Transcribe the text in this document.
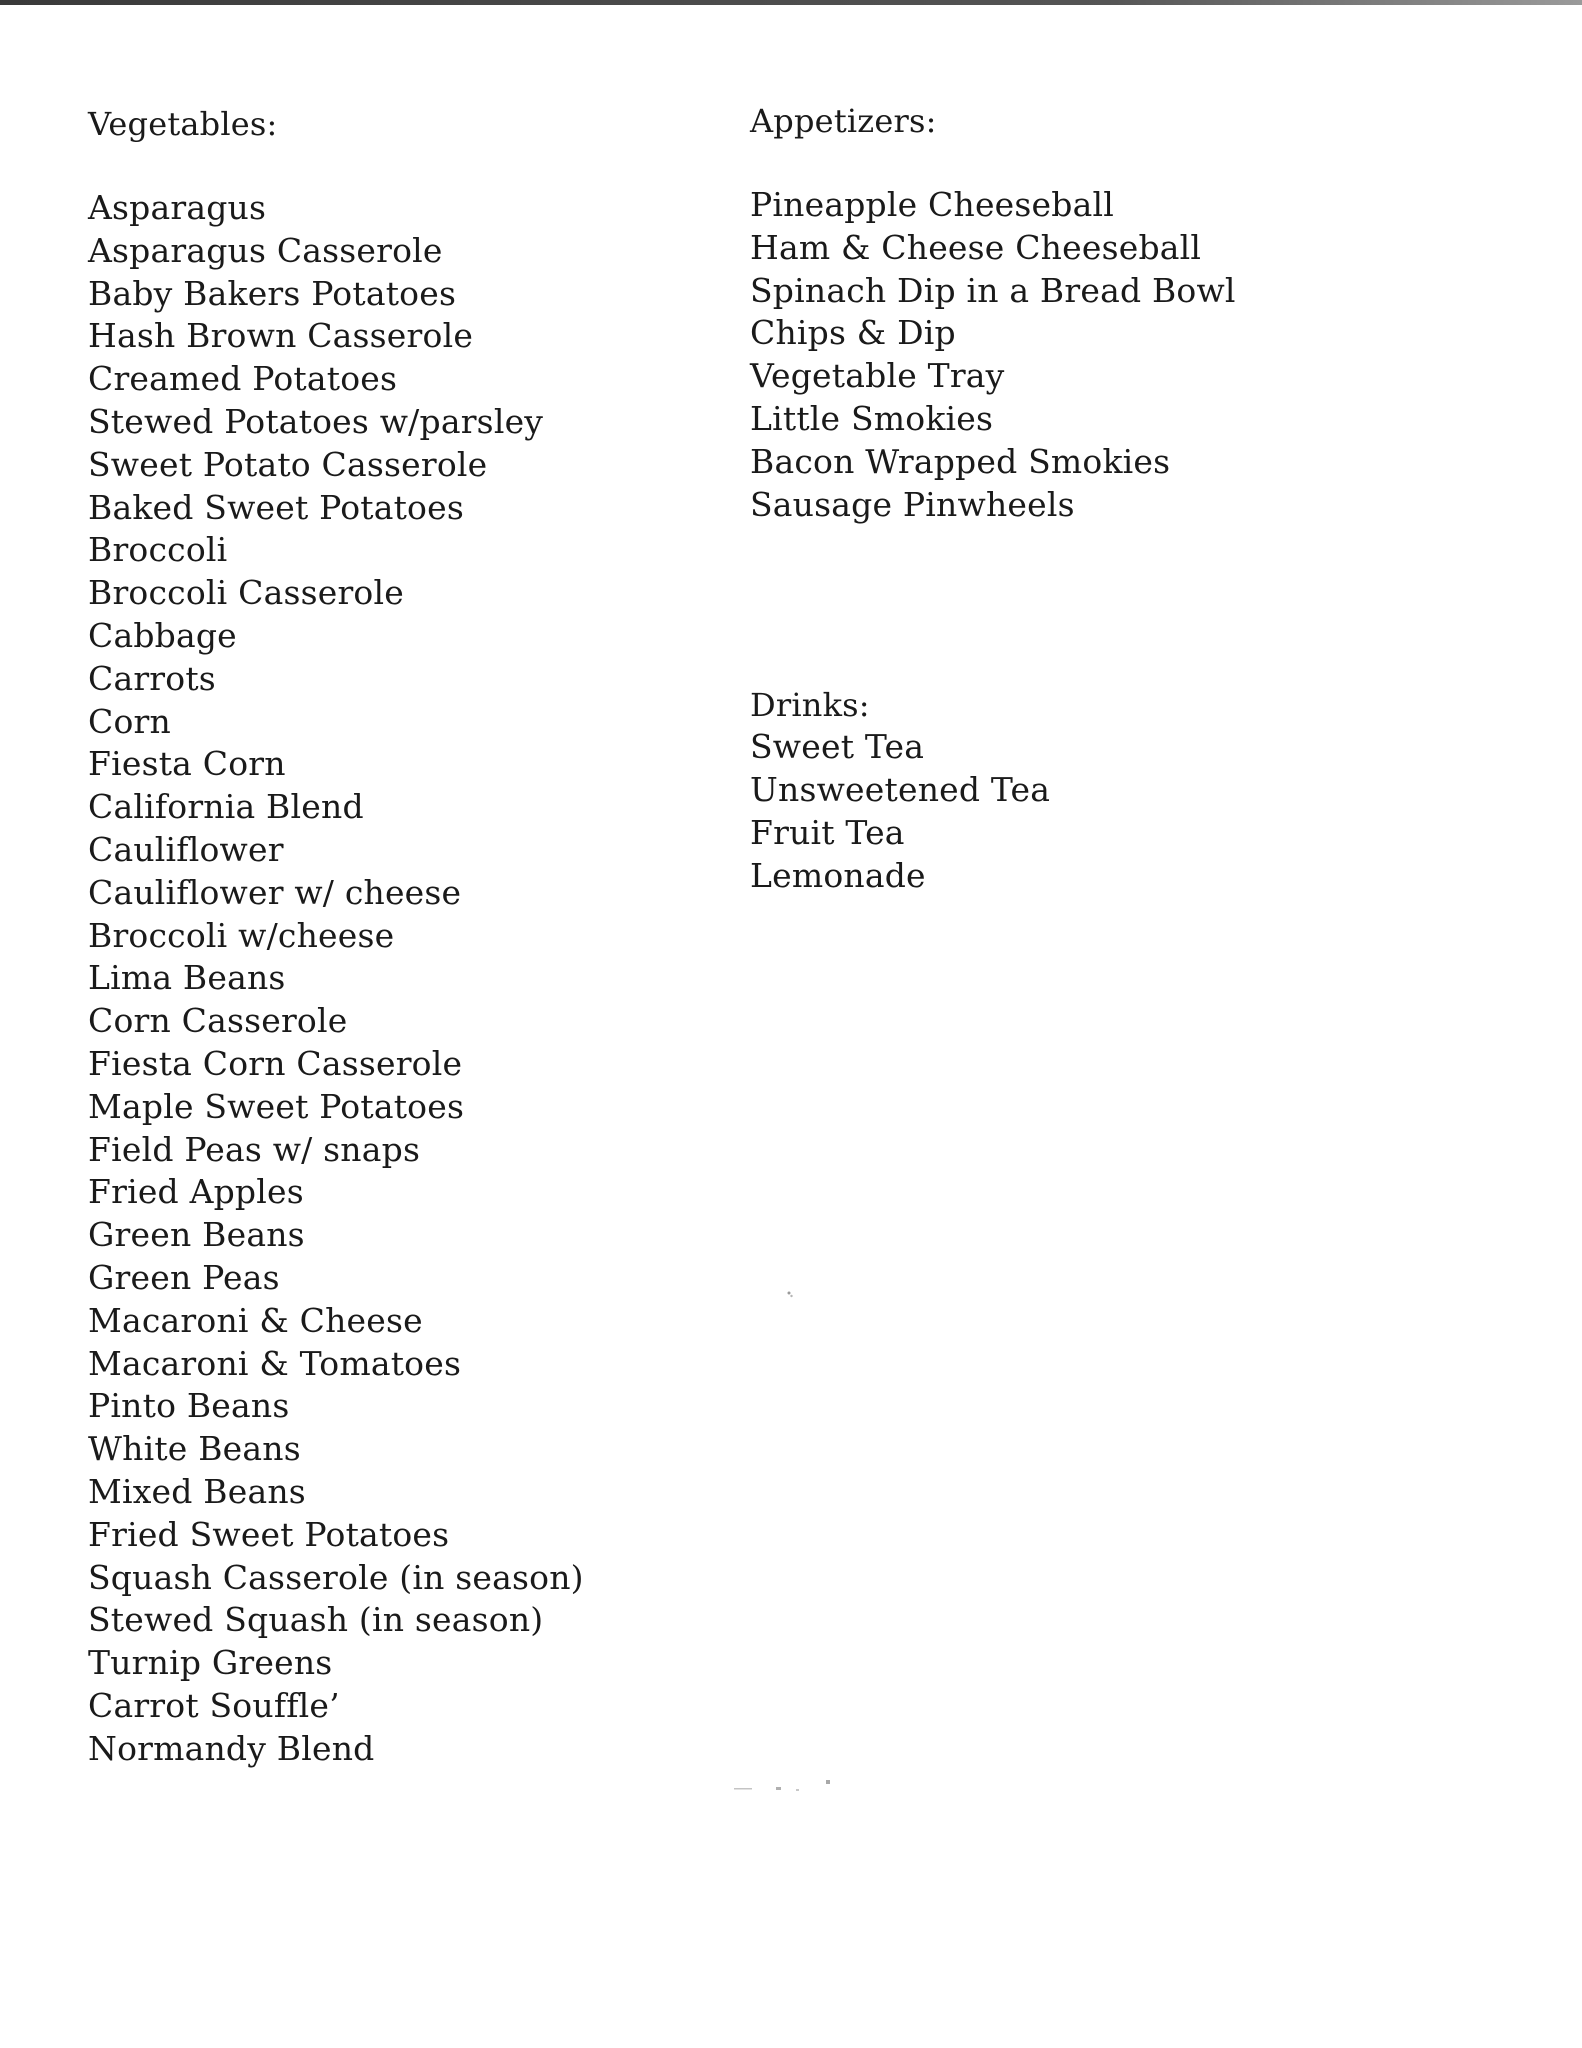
Vegetables:
Asparagus
Asparagus Casserole
Baby Bakers Potatoes
Hash Brown Casserole
Creamed Potatoes
Stewed Potatoes w/parsley
Sweet Potato Casserole
Baked Sweet Potatoes
Broccoli
Broccoli Casserole
Cabbage
Carrots
Corn
Fiesta Corn
California Blend
Cauliflower
Cauliflower w/ cheese
Broccoli w/cheese
Lima Beans
Corn Casserole
Fiesta Corn Casserole
Maple Sweet Potatoes
Field Peas w/ snaps
Fried Apples
Green Beans
Green Peas
Macaroni & Cheese
Macaroni & Tomatoes
Pinto Beans
White Beans
Mixed Beans
Fried Sweet Potatoes
Squash Casserole (in season)
Stewed Squash (in season)
Turnip Greens
Carrot Souffle’
Normandy Blend
Appetizers:
Pineapple Cheeseball
Ham & Cheese Cheeseball
Spinach Dip in a Bread Bowl
Chips & Dip
Vegetable Tray
Little Smokies
Bacon Wrapped Smokies
Sausage Pinwheels
Drinks:
Sweet Tea
Unsweetened Tea
Fruit Tea
Lemonade
